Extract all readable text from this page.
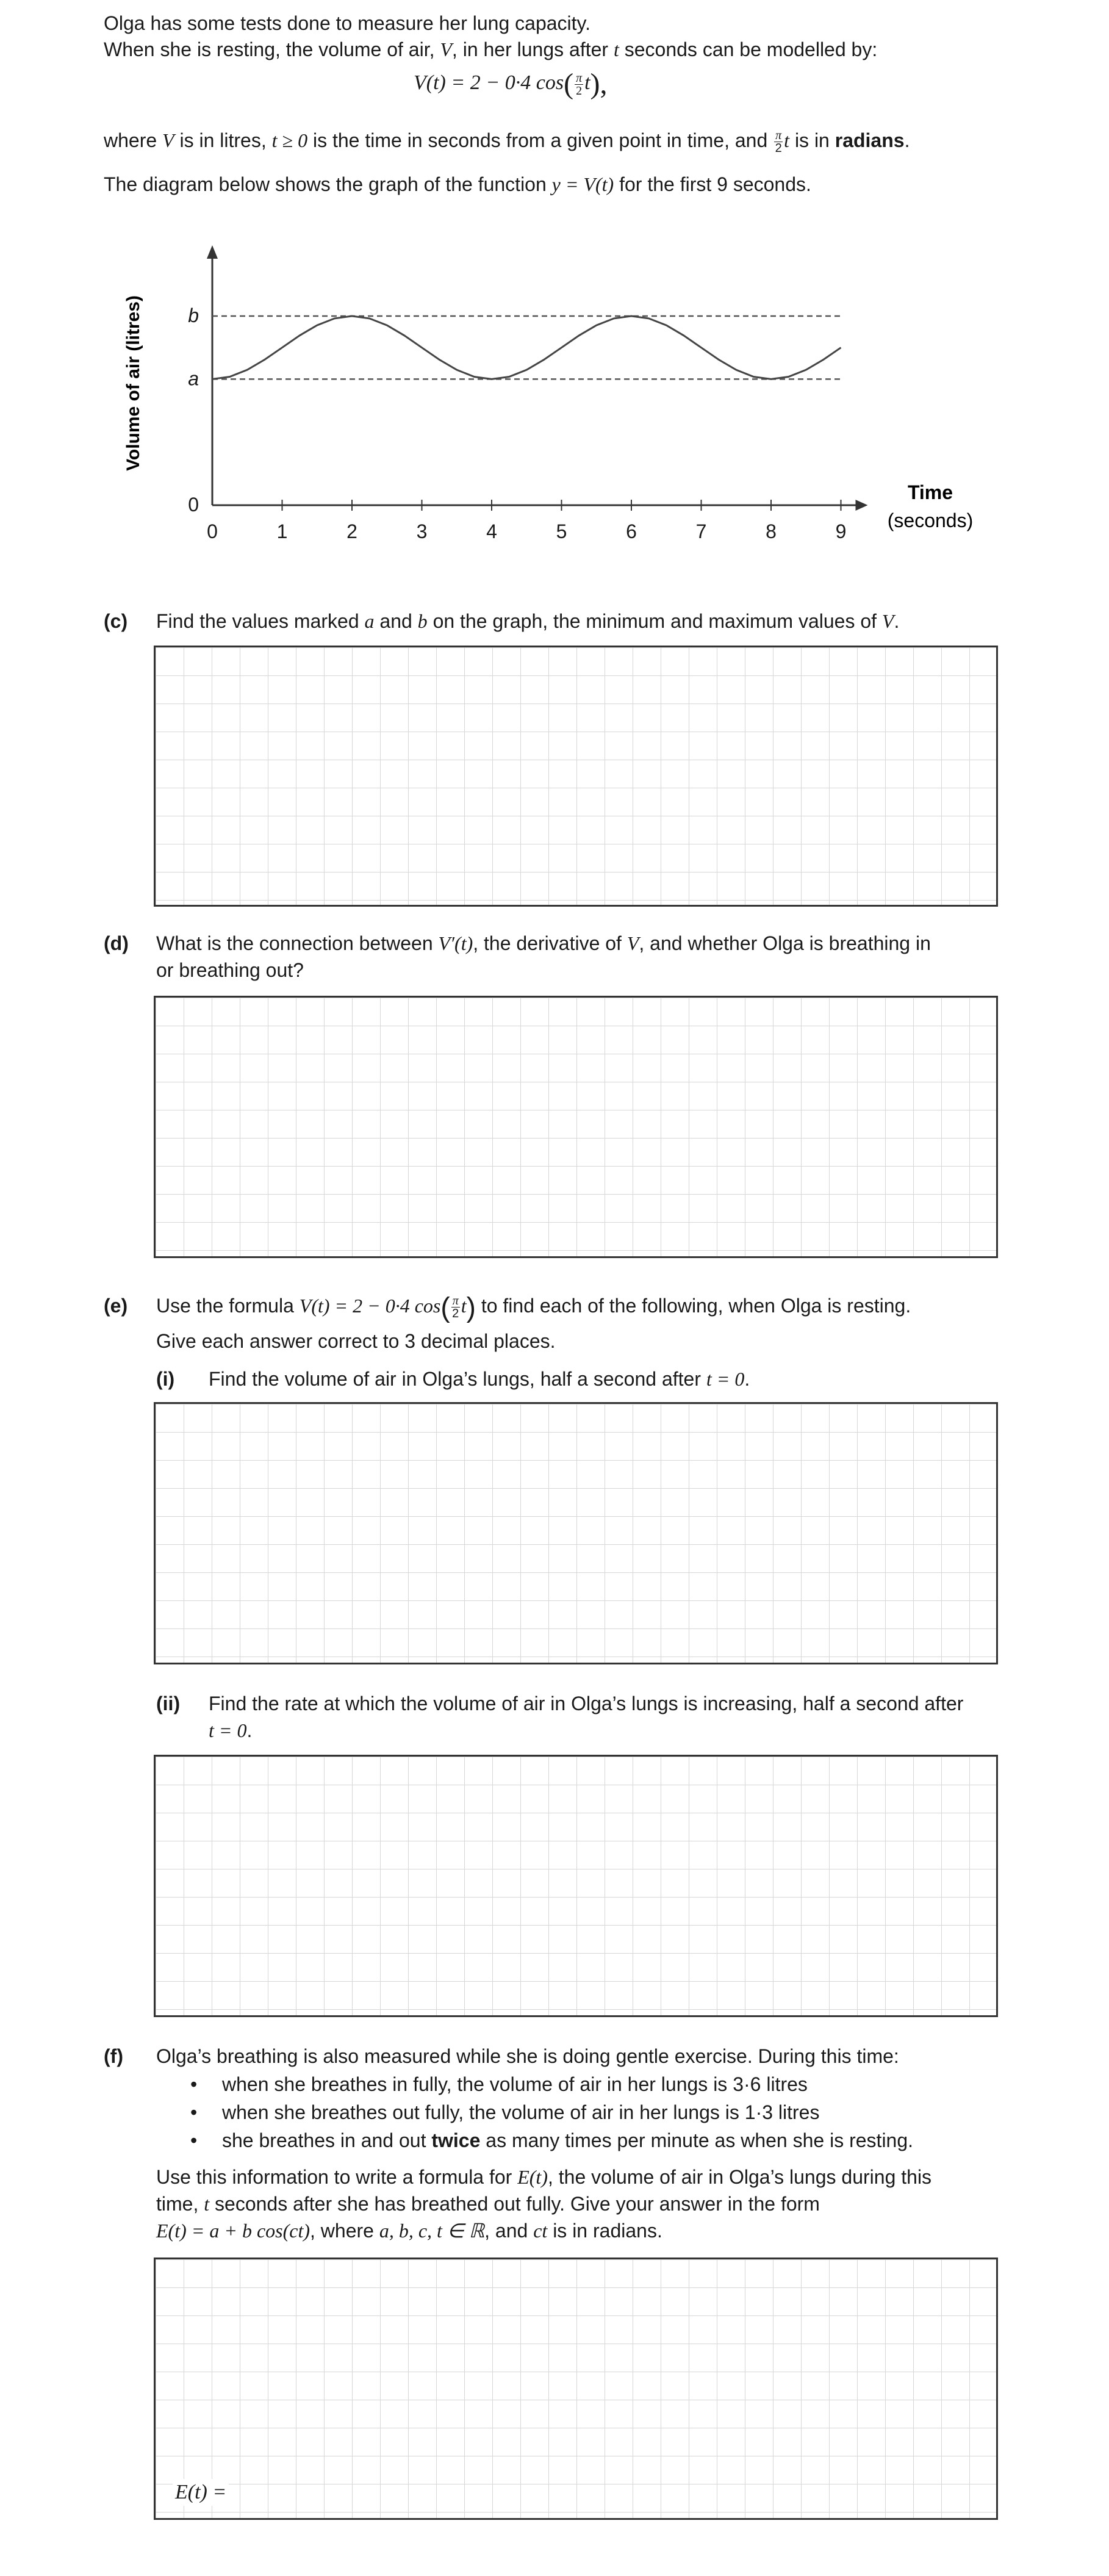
Olga has some tests done to measure her lung capacity.
When she is resting, the volume of air, V, in her lungs after t seconds can be modelled by:
V(t) = 2 − 0·4 $\cos( \frac{\pi}{2} t)$,
where V is in litres, t ≥ 0 is the time in seconds from a given point in time, and $\frac{\pi}{2}$ t is in radians.
The diagram below shows the graph of the function y = V(t) for the first 9 seconds.
0	1	2	3	4	5	6	7	8	9
0
a
b
Volume of air (litres)
Time
(seconds)
(c) Find the values marked a and b on the graph, the minimum and maximum values of V.
(d) What is the connection between V′(t), the derivative of V, and whether Olga is breathing in
or breathing out?
(e) Use the formula V(t) = 2 − 0·4 $\cos( \frac{\pi}{2} t)$ to find each of the following, when Olga is resting.
Give each answer correct to 3 decimal places.
(i) Find the volume of air in Olga’s lungs, half a second after t = 0.
(ii) Find the rate at which the volume of air in Olga’s lungs is increasing, half a second after
t = 0.
(f) Olga’s breathing is also measured while she is doing gentle exercise. During this time:
• when she breathes in fully, the volume of air in her lungs is 3·6 litres
• when she breathes out fully, the volume of air in her lungs is 1·3 litres
• she breathes in and out twice as many times per minute as when she is resting.
Use this information to write a formula for E(t), the volume of air in Olga’s lungs during this
time, t seconds after she has breathed out fully. Give your answer in the form
E(t) = a + b cos(ct), where a, b, c, t ∈ ℝ, and ct is in radians.
E(t) =
